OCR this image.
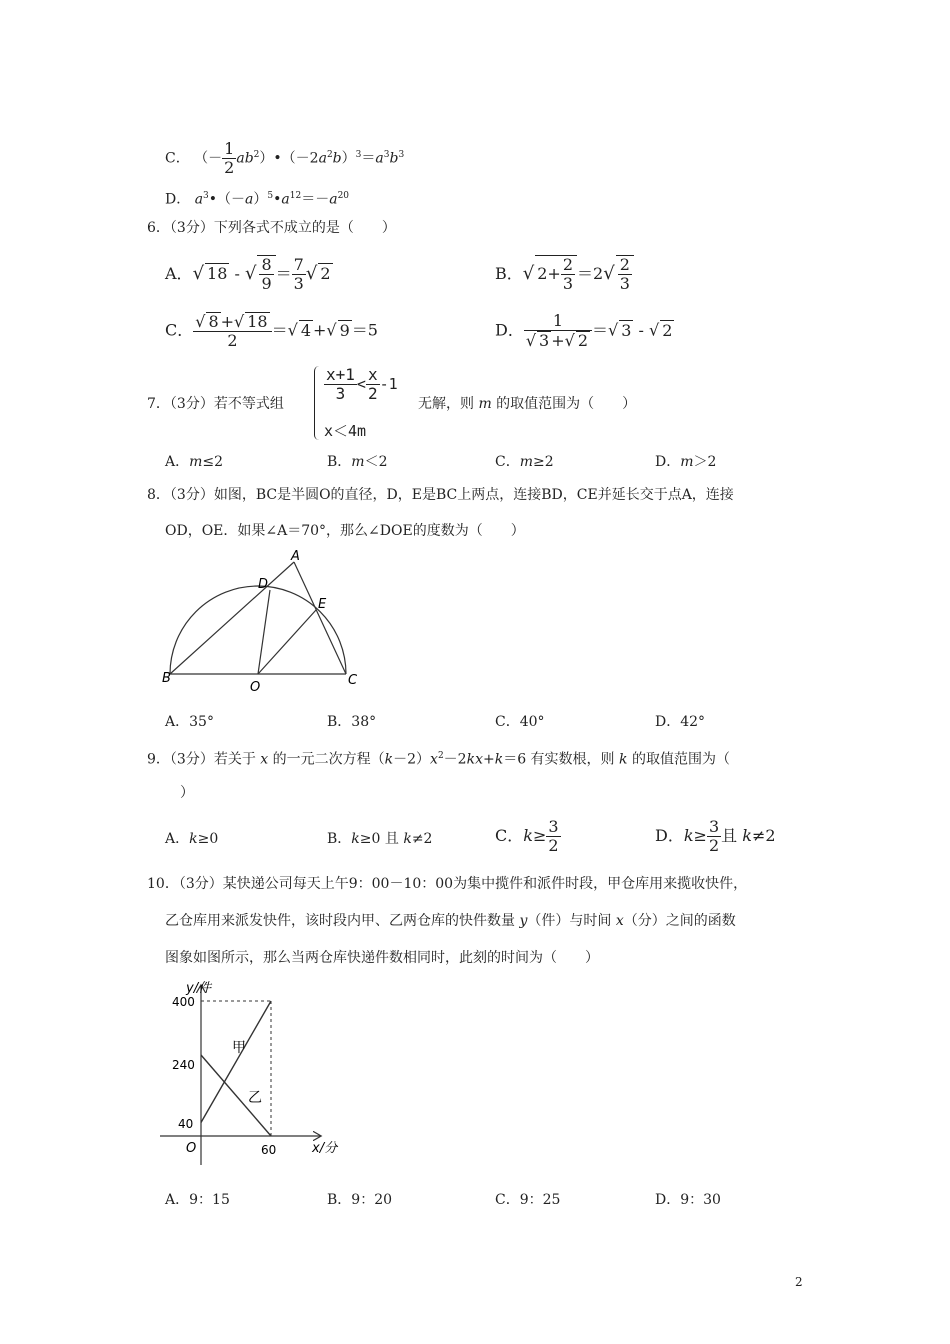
C． （－ $\frac{1}{2}$ $ab^2)•(-2a^2b)^3=a^3b^3$
D． $a^3•(-a)^5•a^{12}=-a^{20}$
6．（3分）下列各式不成立的是（　　）
A．√ 18 - √ $\frac{8}{9} = \frac{7}{3}$ √ 2	B．√ $2+ \frac{2}{3} =2√ \frac{2}{3}$
C． $\frac{√ 8 +√ 18}{2}$ ＝√ 4 +√ 9 ＝5	D． $\frac{1}{√ 3 +√ 2}$ ＝√ 3 - √ 2
7．（3分）若不等式组
$\frac{x+1}{3} < \frac{x}{2} -1$
x＜4m
无解，则 m 的取值范围为（　　）
A．m≤2	B．m＜2	C．m≥2	D．m＞2
8．（3分）如图，BC是半圆O的直径，D，E是BC上两点，连接BD，CE并延长交于点A，连接
OD，OE．如果∠A＝70°，那么∠DOE的度数为（　　）
A
D
E
B
O	C
A．35°	B．38°	C．40°	D．42°
9．（3分）若关于 x 的一元二次方程$(k-2)x^2-2kx+k=6$ 有实数根，则 k 的取值范围为（
）
A．k≥0	B．k≥0 且 k≠2	C．$k\ge \frac{3}{2}$	D．$k\ge \frac{3}{2}$ 且 k≠2
10．（3分）某快递公司每天上午9：00－10：00为集中揽件和派件时段，甲仓库用来揽收快件，
乙仓库用来派发快件，该时段内甲、乙两仓库的快件数量 y（件）与时间 x（分）之间的函数
图象如图所示，那么当两仓库快递件数相同时，此刻的时间为（　　）
y/件
x/分
O
400
240
40
60
甲
乙
A．9：15	B．9：20	C．9：25	D．9：30
2
